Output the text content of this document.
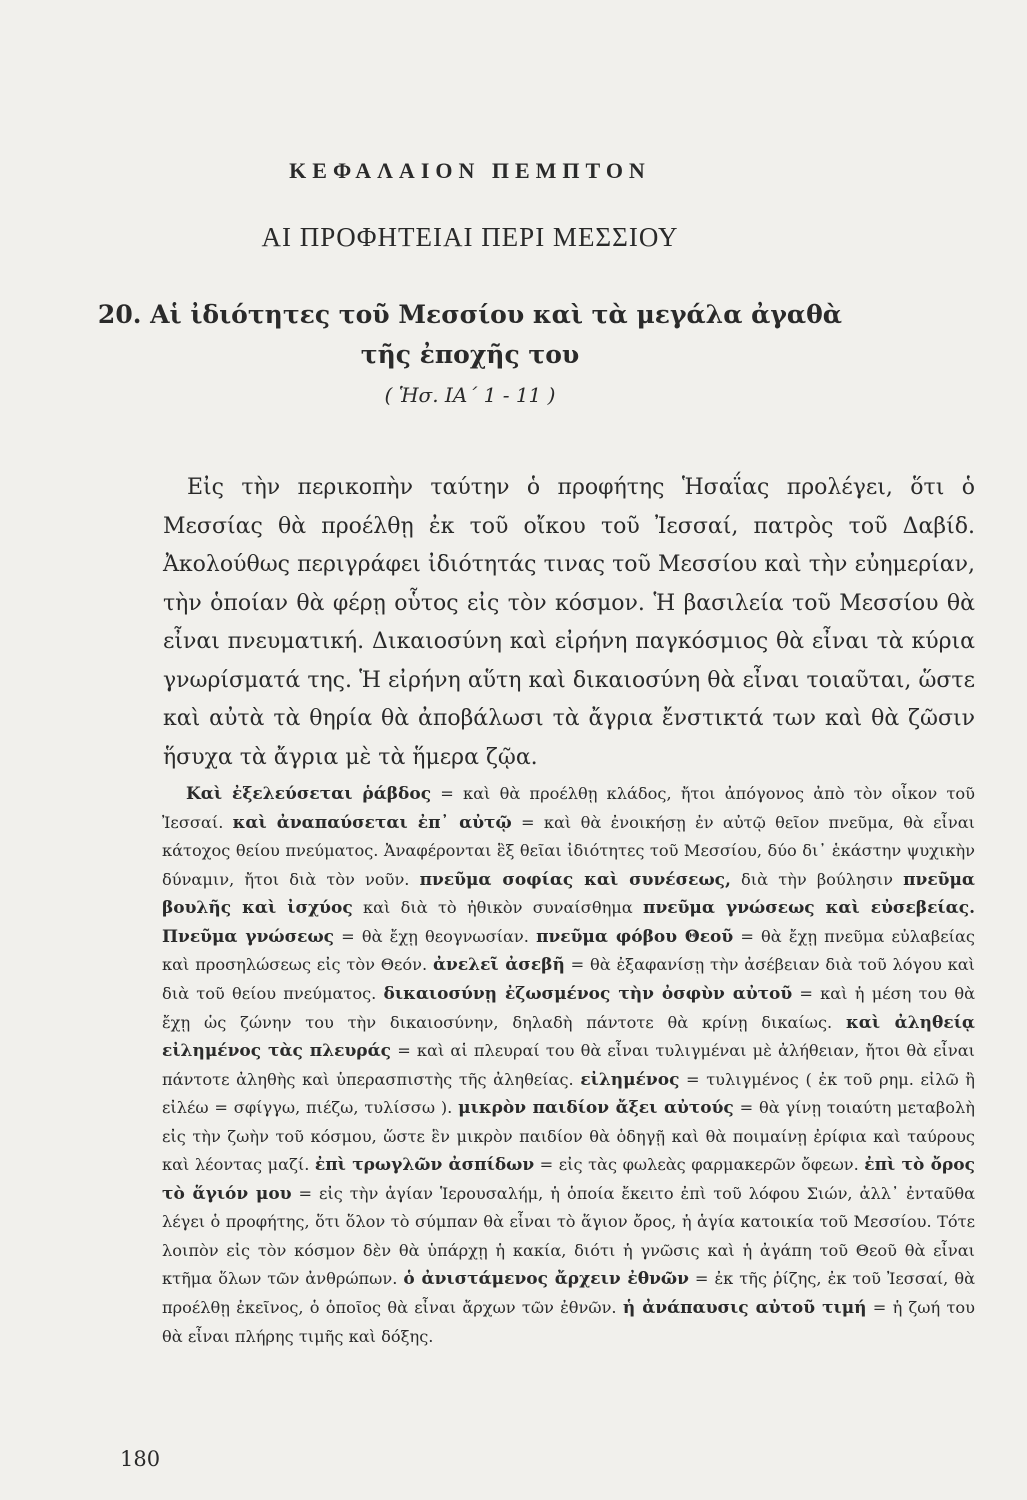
ΚΕΦΑΛΑΙΟΝ ΠΕΜΠΤΟΝ
ΑΙ ΠΡΟΦΗΤΕΙΑΙ ΠΕΡΙ ΜΕΣΣΙΟΥ
20. Αἱ ἰδιότητες τοῦ Μεσσίου καὶ τὰ μεγάλα ἀγαθὰ
τῆς ἐποχῆς του
( Ἡσ. ΙΑ΄ 1 - 11 )

Εἰς τὴν περικοπὴν ταύτην ὁ προφήτης Ἡσαΐας προλέγει, ὅτι ὁ Μεσσίας θὰ προέλθῃ ἐκ τοῦ οἴκου τοῦ Ἰεσσαί, πατρὸς τοῦ Δαβίδ. Ἀκολούθως περιγράφει ἰδιότητάς τινας τοῦ Μεσσίου καὶ τὴν εὐημερίαν, τὴν ὁποίαν θὰ φέρῃ οὗτος εἰς τὸν κόσμον. Ἡ βασιλεία τοῦ Μεσσίου θὰ εἶναι πνευματική. Δικαιοσύνη καὶ εἰρήνη παγκόσμιος θὰ εἶναι τὰ κύρια γνωρίσματά της. Ἡ εἰρήνη αὕτη καὶ δικαιοσύνη θὰ εἶναι τοιαῦται, ὥστε καὶ αὐτὰ τὰ θηρία θὰ ἀποβάλωσι τὰ ἄγρια ἔνστικτά των καὶ θὰ ζῶσιν ἥσυχα τὰ ἄγρια μὲ τὰ ἥμερα ζῷα.

Καὶ ἐξελεύσεται ῥάβδος = καὶ θὰ προέλθῃ κλάδος, ἤτοι ἀπόγονος ἀπὸ τὸν οἶκον τοῦ Ἰεσσαί. καὶ ἀναπαύσεται ἐπ᾽ αὐτῷ = καὶ θὰ ἐνοικήσῃ ἐν αὐτῷ θεῖον πνεῦμα, θὰ εἶναι κάτοχος θείου πνεύματος. Ἀναφέρονται ἓξ θεῖαι ἰδιότητες τοῦ Μεσσίου, δύο δι᾽ ἑκάστην ψυχικὴν δύναμιν, ἤτοι διὰ τὸν νοῦν. πνεῦμα σοφίας καὶ συνέσεως, διὰ τὴν βούλησιν πνεῦμα βουλῆς καὶ ἰσχύος καὶ διὰ τὸ ἠθικὸν συναίσθημα πνεῦμα γνώσεως καὶ εὐσεβείας. Πνεῦμα γνώσεως = θὰ ἔχῃ θεογνωσίαν. πνεῦμα φόβου Θεοῦ = θὰ ἔχῃ πνεῦμα εὐλαβείας καὶ προσηλώσεως εἰς τὸν Θεόν. ἀνελεῖ ἀσεβῆ = θὰ ἐξαφανίσῃ τὴν ἀσέβειαν διὰ τοῦ λόγου καὶ διὰ τοῦ θείου πνεύματος. δικαιοσύνῃ ἐζωσμένος τὴν ὀσφὺν αὐτοῦ = καὶ ἡ μέση του θὰ ἔχῃ ὡς ζώνην του τὴν δικαιοσύνην, δηλαδὴ πάντοτε θὰ κρίνῃ δικαίως. καὶ ἀληθείᾳ εἰλημένος τὰς πλευράς = καὶ αἱ πλευραί του θὰ εἶναι τυλιγμέναι μὲ ἀλήθειαν, ἤτοι θὰ εἶναι πάντοτε ἀληθὴς καὶ ὑπερασπιστὴς τῆς ἀληθείας. εἰλημένος = τυλιγμένος ( ἐκ τοῦ ρημ. εἰλῶ ἢ εἰλέω = σφίγγω, πιέζω, τυλίσσω ). μικρὸν παιδίον ἄξει αὐτούς = θὰ γίνῃ τοιαύτη μεταβολὴ εἰς τὴν ζωὴν τοῦ κόσμου, ὥστε ἓν μικρὸν παιδίον θὰ ὁδηγῇ καὶ θὰ ποιμαίνῃ ἐρίφια καὶ ταύρους καὶ λέοντας μαζί. ἐπὶ τρωγλῶν ἀσπίδων = εἰς τὰς φωλεὰς φαρμακερῶν ὄφεων. ἐπὶ τὸ ὄρος τὸ ἅγιόν μου = εἰς τὴν ἁγίαν Ἱερουσαλήμ, ἡ ὁποία ἔκειτο ἐπὶ τοῦ λόφου Σιών, ἀλλ᾽ ἐνταῦθα λέγει ὁ προφήτης, ὅτι ὅλον τὸ σύμπαν θὰ εἶναι τὸ ἅγιον ὄρος, ἡ ἁγία κατοικία τοῦ Μεσσίου. Τότε λοιπὸν εἰς τὸν κόσμον δὲν θὰ ὑπάρχῃ ἡ κακία, διότι ἡ γνῶσις καὶ ἡ ἀγάπη τοῦ Θεοῦ θὰ εἶναι κτῆμα ὅλων τῶν ἀνθρώπων. ὁ ἀνιστάμενος ἄρχειν ἐθνῶν = ἐκ τῆς ῥίζης, ἐκ τοῦ Ἰεσσαί, θὰ προέλθῃ ἐκεῖνος, ὁ ὁποῖος θὰ εἶναι ἄρχων τῶν ἐθνῶν. ἡ ἀνάπαυσις αὐτοῦ τιμή = ἡ ζωή του θὰ εἶναι πλήρης τιμῆς καὶ δόξης.

180
